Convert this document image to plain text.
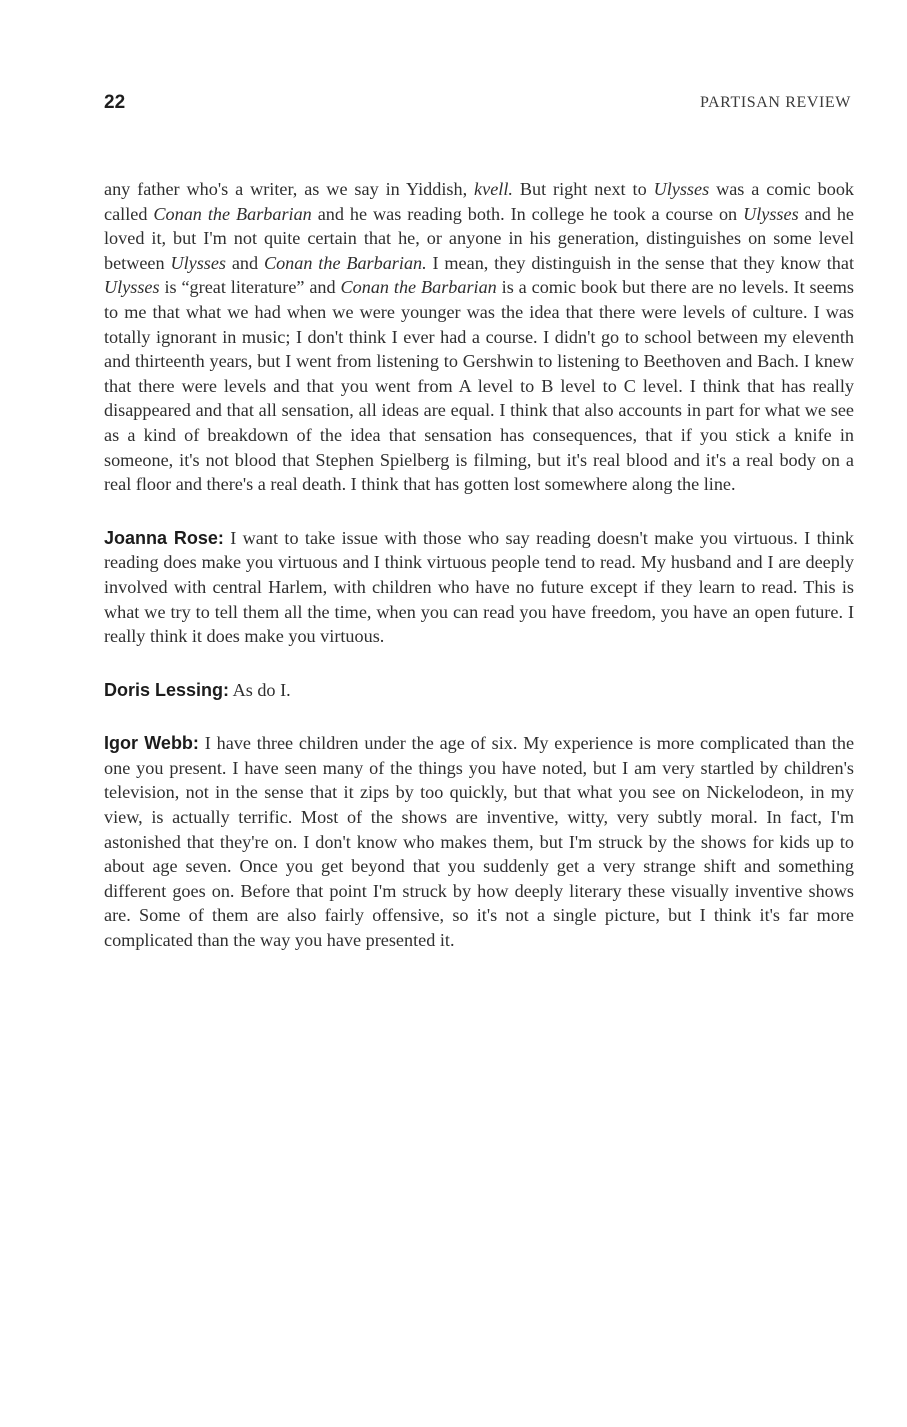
22	PARTISAN REVIEW

any father who's a writer, as we say in Yiddish, kvell. But right next to Ulysses was a comic book called Conan the Barbarian and he was reading both. In college he took a course on Ulysses and he loved it, but I'm not quite certain that he, or anyone in his generation, distinguishes on some level between Ulysses and Conan the Barbarian. I mean, they distinguish in the sense that they know that Ulysses is “great literature” and Conan the Barbarian is a comic book but there are no levels. It seems to me that what we had when we were younger was the idea that there were levels of culture. I was totally ignorant in music; I don't think I ever had a course. I didn't go to school between my eleventh and thirteenth years, but I went from listening to Gershwin to listening to Beethoven and Bach. I knew that there were levels and that you went from A level to B level to C level. I think that has really disappeared and that all sensation, all ideas are equal. I think that also accounts in part for what we see as a kind of breakdown of the idea that sensation has consequences, that if you stick a knife in someone, it's not blood that Stephen Spielberg is filming, but it's real blood and it's a real body on a real floor and there's a real death. I think that has gotten lost somewhere along the line.

Joanna Rose: I want to take issue with those who say reading doesn't make you virtuous. I think reading does make you virtuous and I think virtuous people tend to read. My husband and I are deeply involved with central Harlem, with children who have no future except if they learn to read. This is what we try to tell them all the time, when you can read you have freedom, you have an open future. I really think it does make you virtuous.

Doris Lessing: As do I.

Igor Webb: I have three children under the age of six. My experience is more complicated than the one you present. I have seen many of the things you have noted, but I am very startled by children's television, not in the sense that it zips by too quickly, but that what you see on Nickelodeon, in my view, is actually terrific. Most of the shows are inventive, witty, very subtly moral. In fact, I'm astonished that they're on. I don't know who makes them, but I'm struck by the shows for kids up to about age seven. Once you get beyond that you suddenly get a very strange shift and something different goes on. Before that point I'm struck by how deeply literary these visually inventive shows are. Some of them are also fairly offensive, so it's not a single picture, but I think it's far more complicated than the way you have presented it.
